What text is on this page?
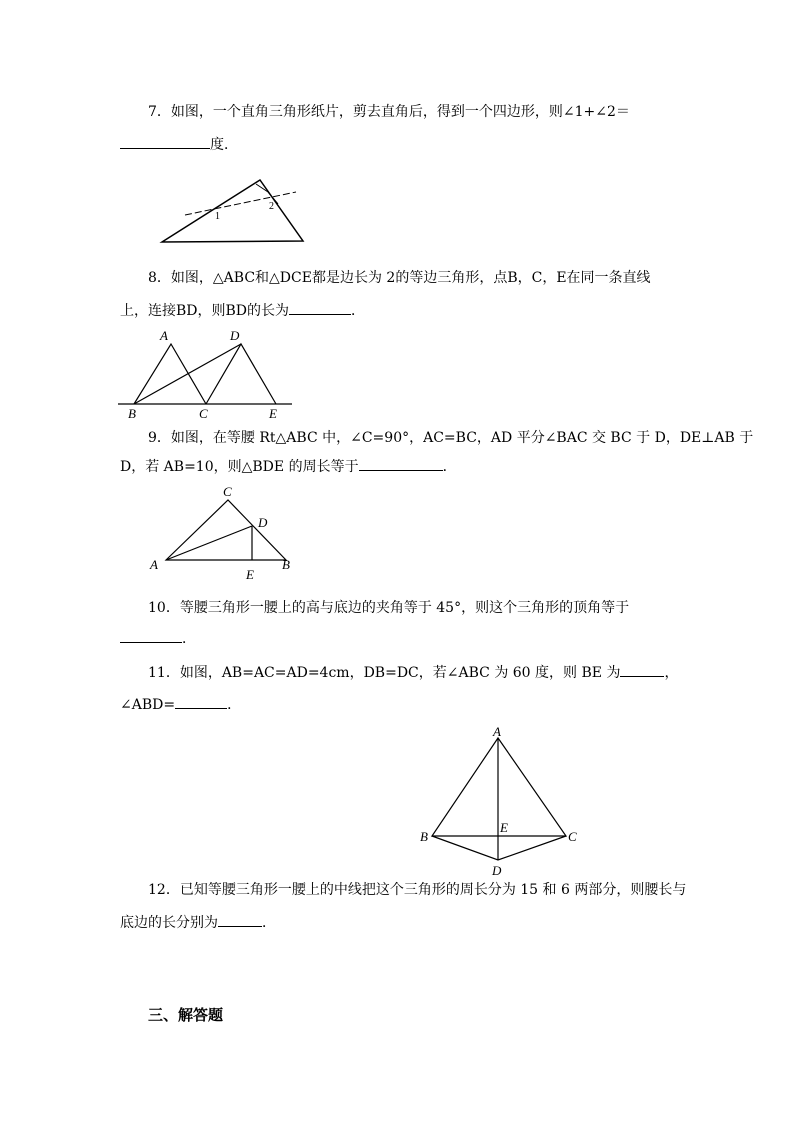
7．如图，一个直角三角形纸片，剪去直角后，得到一个四边形，则∠1+∠2＝
度．
1
2
8．如图，△ABC和△DCE都是边长为 2的等边三角形，点B，C，E在同一条直线
上，连接BD，则BD的长为	．
A	D
B	C	E
9．如图，在等腰 Rt△ABC 中，∠C=90°，AC=BC，AD 平分∠BAC 交 BC 于 D，DE⊥AB 于
D，若 AB=10，则△BDE 的周长等于	．
C
D
A
E
B
10．等腰三角形一腰上的高与底边的夹角等于 45°，则这个三角形的顶角等于
．
11．如图，AB=AC=AD=4cm，DB=DC，若∠ABC 为 60 度，则 BE 为	，
∠ABD=	．
A
B
E
C
D
12．已知等腰三角形一腰上的中线把这个三角形的周长分为 15 和 6 两部分，则腰长与
底边的长分别为	．
三、解答题
